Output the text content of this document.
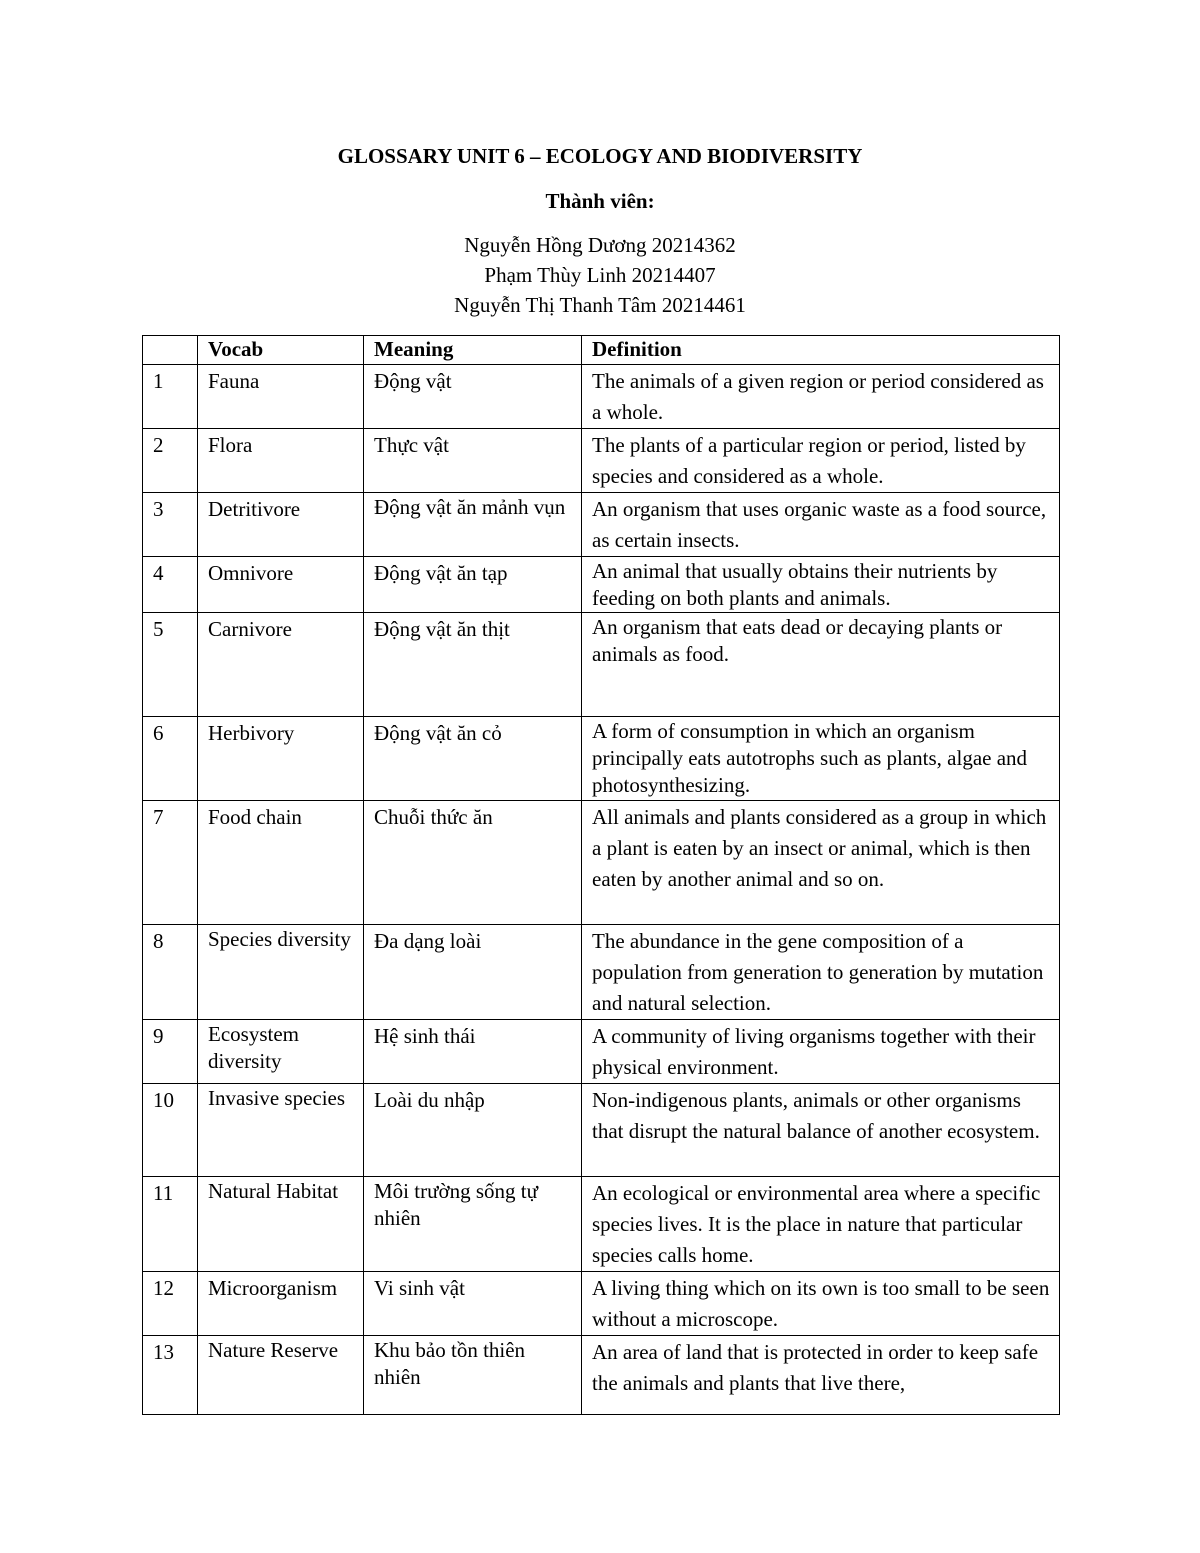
GLOSSARY UNIT 6 – ECOLOGY AND BIODIVERSITY
Thành viên:
Nguyễn Hồng Dương 20214362
Phạm Thùy Linh 20214407
Nguyễn Thị Thanh Tâm 20214461
	Vocab	Meaning	Definition
1	Fauna	Động vật	The animals of a given region or period considered as a whole.
2	Flora	Thực vật	The plants of a particular region or period, listed by species and considered as a whole.
3	Detritivore	Động vật ăn mảnh vụn	An organism that uses organic waste as a food source, as certain insects.
4	Omnivore	Động vật ăn tạp	An animal that usually obtains their nutrients by feeding on both plants and animals.
5	Carnivore	Động vật ăn thịt	An organism that eats dead or decaying plants or animals as food.
6	Herbivory	Động vật ăn cỏ	A form of consumption in which an organism principally eats autotrophs such as plants, algae and photosynthesizing.
7	Food chain	Chuỗi thức ăn	All animals and plants considered as a group in which a plant is eaten by an insect or animal, which is then eaten by another animal and so on.
8	Species diversity	Đa dạng loài	The abundance in the gene composition of a population from generation to generation by mutation and natural selection.
9	Ecosystem diversity	Hệ sinh thái	A community of living organisms together with their physical environment.
10	Invasive species	Loài du nhập	Non-indigenous plants, animals or other organisms that disrupt the natural balance of another ecosystem.
11	Natural Habitat	Môi trường sống tự nhiên	An ecological or environmental area where a specific species lives. It is the place in nature that particular species calls home.
12	Microorganism	Vi sinh vật	A living thing which on its own is too small to be seen without a microscope.
13	Nature Reserve	Khu bảo tồn thiên nhiên	An area of land that is protected in order to keep safe the animals and plants that live there,
